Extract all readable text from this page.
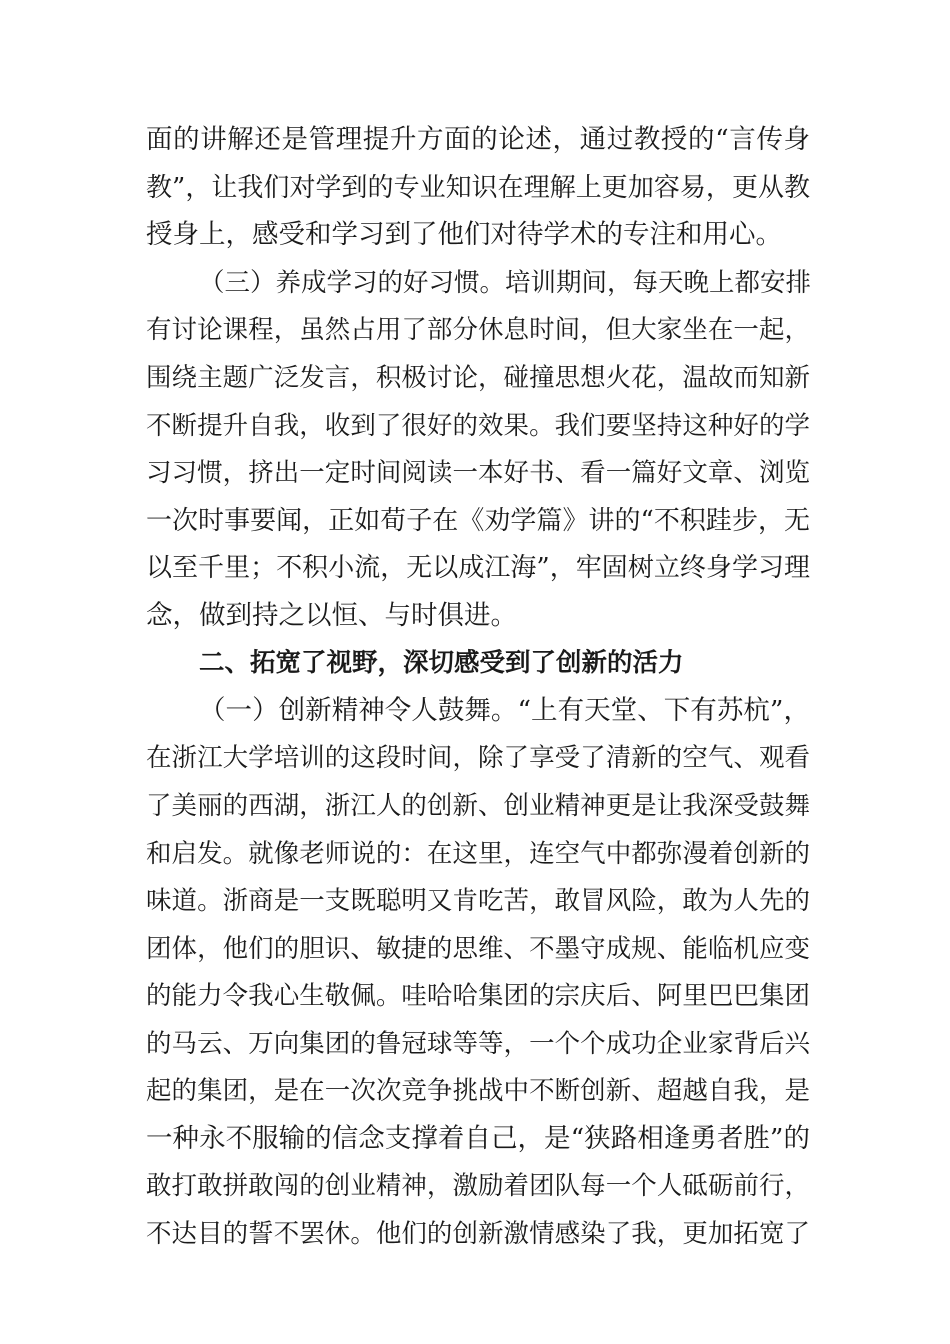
面的讲解还是管理提升方面的论述，通过教授的“言传身
教”，让我们对学到的专业知识在理解上更加容易，更从教
授身上，感受和学习到了他们对待学术的专注和用心。
（三）养成学习的好习惯。培训期间，每天晚上都安排
有讨论课程，虽然占用了部分休息时间，但大家坐在一起，
围绕主题广泛发言，积极讨论，碰撞思想火花，温故而知新
不断提升自我，收到了很好的效果。我们要坚持这种好的学
习习惯，挤出一定时间阅读一本好书、看一篇好文章、浏览
一次时事要闻，正如荀子在《劝学篇》讲的“不积跬步，无
以至千里；不积小流，无以成江海”，牢固树立终身学习理
念，做到持之以恒、与时俱进。
二、拓宽了视野，深切感受到了创新的活力
（一）创新精神令人鼓舞。“上有天堂、下有苏杭”，
在浙江大学培训的这段时间，除了享受了清新的空气、观看
了美丽的西湖，浙江人的创新、创业精神更是让我深受鼓舞
和启发。就像老师说的：在这里，连空气中都弥漫着创新的
味道。浙商是一支既聪明又肯吃苦，敢冒风险，敢为人先的
团体，他们的胆识、敏捷的思维、不墨守成规、能临机应变
的能力令我心生敬佩。哇哈哈集团的宗庆后、阿里巴巴集团
的马云、万向集团的鲁冠球等等，一个个成功企业家背后兴
起的集团，是在一次次竞争挑战中不断创新、超越自我，是
一种永不服输的信念支撑着自己，是“狭路相逢勇者胜”的
敢打敢拼敢闯的创业精神，激励着团队每一个人砥砺前行，
不达目的誓不罢休。他们的创新激情感染了我，更加拓宽了
